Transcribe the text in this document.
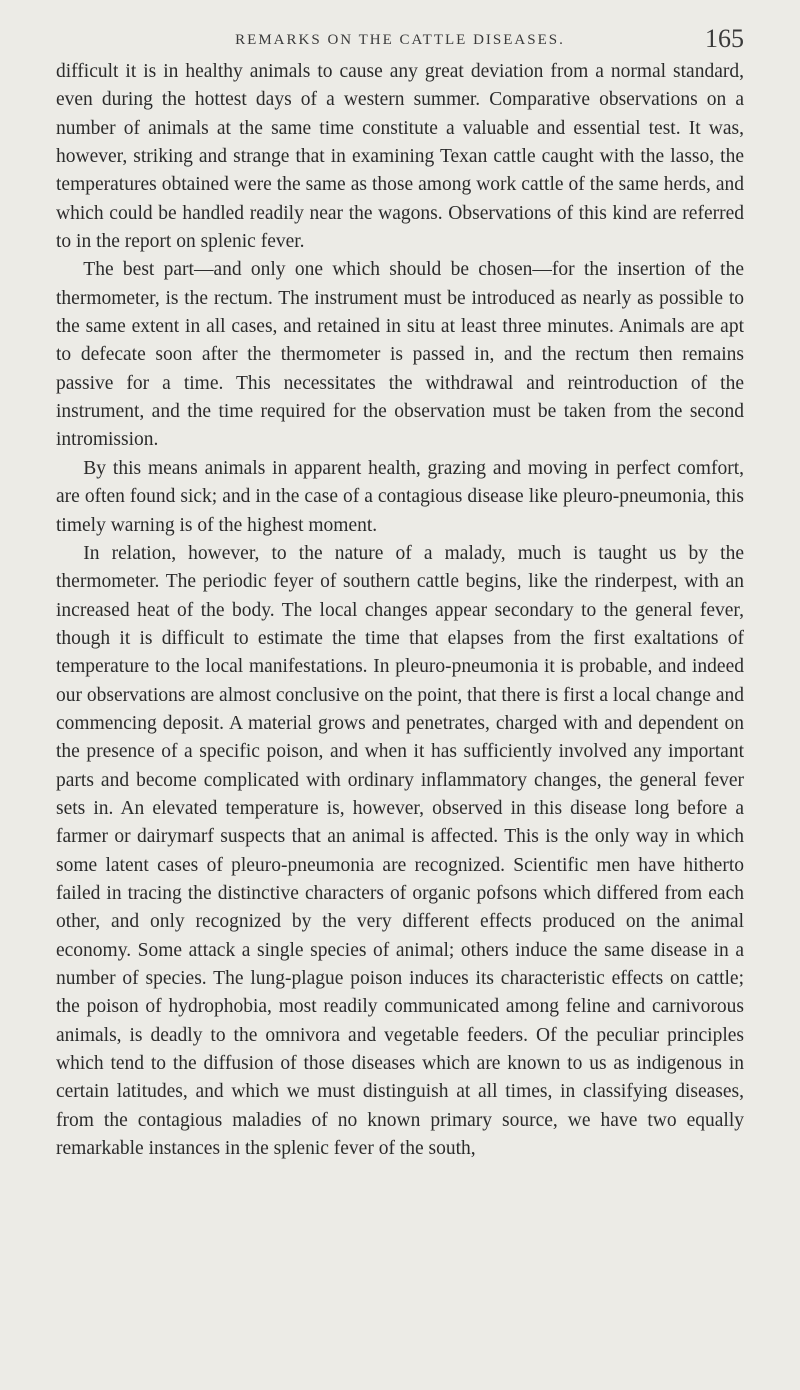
REMARKS ON THE CATTLE DISEASES.	165

difficult it is in healthy animals to cause any great deviation from a normal standard, even during the hottest days of a western summer. Comparative observations on a number of animals at the same time constitute a valuable and essential test. It was, however, striking and strange that in examining Texan cattle caught with the lasso, the temperatures obtained were the same as those among work cattle of the same herds, and which could be handled readily near the wagons. Observations of this kind are referred to in the report on splenic fever.

The best part—and only one which should be chosen—for the insertion of the thermometer, is the rectum. The instrument must be introduced as nearly as possible to the same extent in all cases, and retained in situ at least three minutes. Animals are apt to defecate soon after the thermometer is passed in, and the rectum then remains passive for a time. This necessitates the withdrawal and reintroduction of the instrument, and the time required for the observation must be taken from the second intromission.

By this means animals in apparent health, grazing and moving in perfect comfort, are often found sick; and in the case of a contagious disease like pleuro-pneumonia, this timely warning is of the highest moment.

In relation, however, to the nature of a malady, much is taught us by the thermometer. The periodic feyer of southern cattle begins, like the rinderpest, with an increased heat of the body. The local changes appear secondary to the general fever, though it is difficult to estimate the time that elapses from the first exaltations of temperature to the local manifestations. In pleuro-pneumonia it is probable, and indeed our observations are almost conclusive on the point, that there is first a local change and commencing deposit. A material grows and penetrates, charged with and dependent on the presence of a specific poison, and when it has sufficiently involved any important parts and become complicated with ordinary inflammatory changes, the general fever sets in. An elevated temperature is, however, observed in this disease long before a farmer or dairymarf suspects that an animal is affected. This is the only way in which some latent cases of pleuro-pneumonia are recognized. Scientific men have hitherto failed in tracing the distinctive characters of organic pofsons which differed from each other, and only recognized by the very different effects produced on the animal economy. Some attack a single species of animal; others induce the same disease in a number of species. The lung-plague poison induces its characteristic effects on cattle; the poison of hydrophobia, most readily communicated among feline and carnivorous animals, is deadly to the omnivora and vegetable feeders. Of the peculiar principles which tend to the diffusion of those diseases which are known to us as indigenous in certain latitudes, and which we must distinguish at all times, in classifying diseases, from the contagious maladies of no known primary source, we have two equally remarkable instances in the splenic fever of the south,
